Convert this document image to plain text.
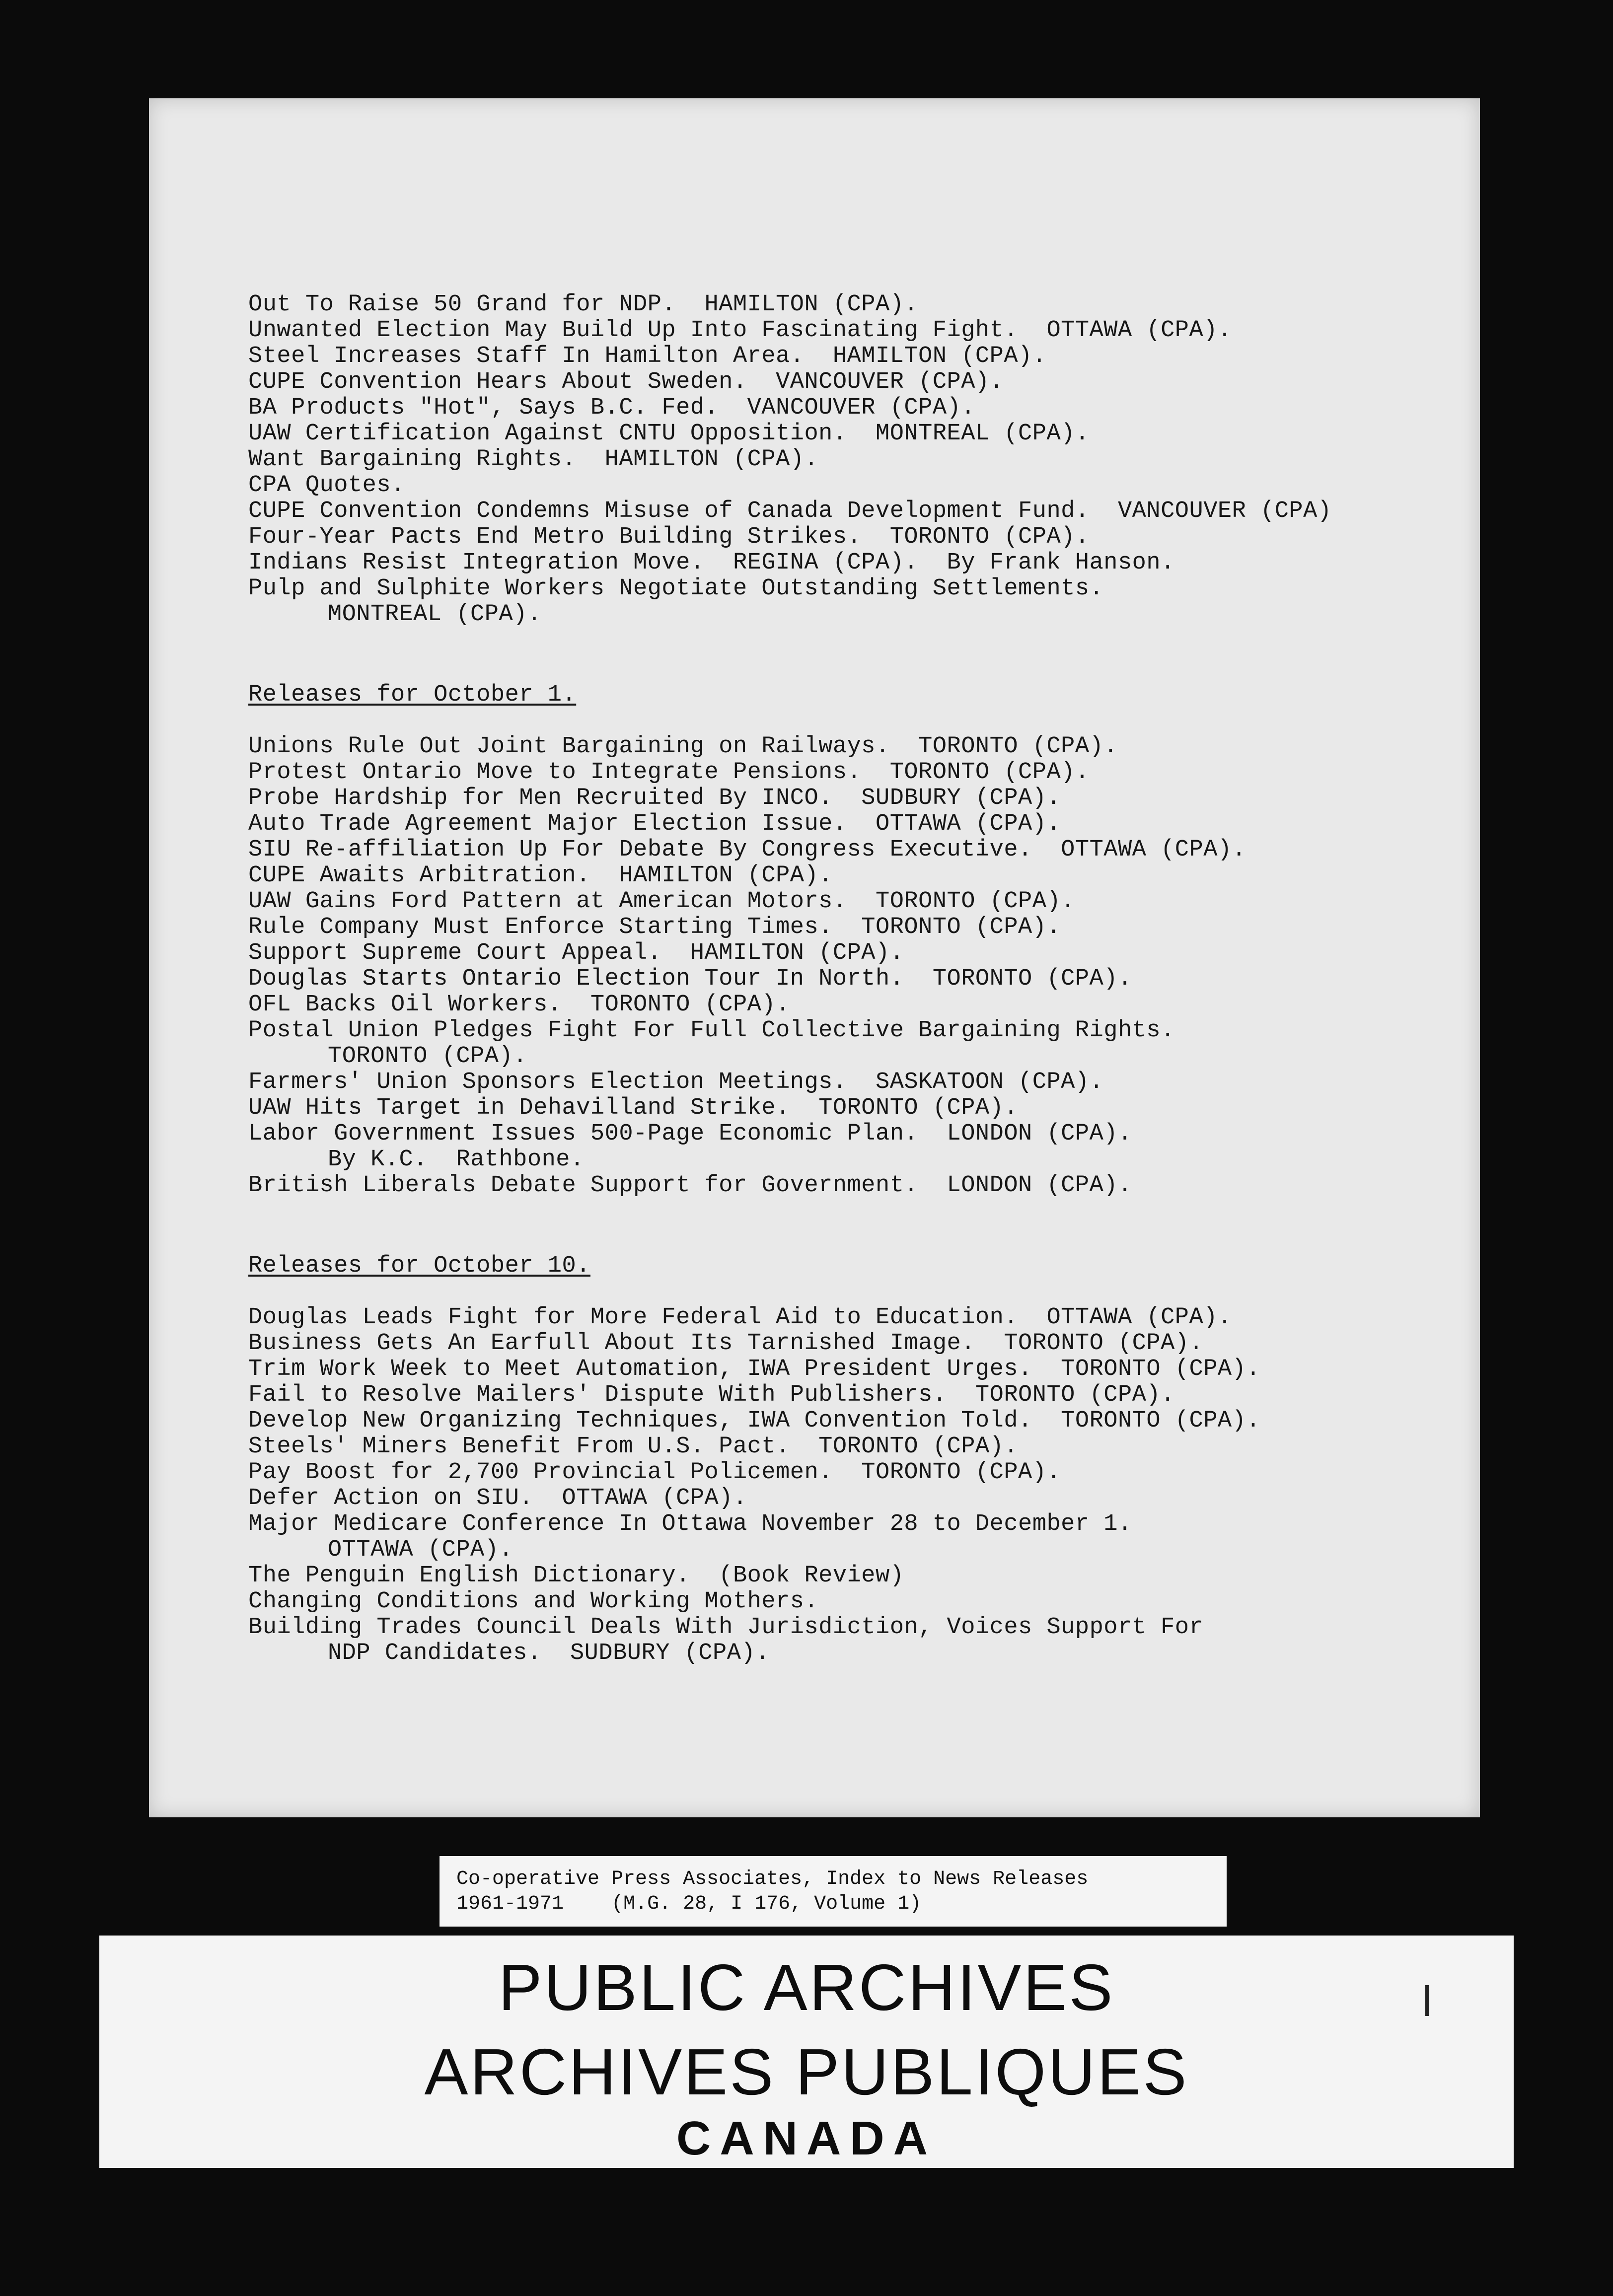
Out To Raise 50 Grand for NDP.  HAMILTON (CPA).
Unwanted Election May Build Up Into Fascinating Fight.  OTTAWA (CPA).
Steel Increases Staff In Hamilton Area.  HAMILTON (CPA).
CUPE Convention Hears About Sweden.  VANCOUVER (CPA).
BA Products "Hot", Says B.C. Fed.  VANCOUVER (CPA).
UAW Certification Against CNTU Opposition.  MONTREAL (CPA).
Want Bargaining Rights.  HAMILTON (CPA).
CPA Quotes.
CUPE Convention Condemns Misuse of Canada Development Fund.  VANCOUVER (CPA)
Four-Year Pacts End Metro Building Strikes.  TORONTO (CPA).
Indians Resist Integration Move.  REGINA (CPA).  By Frank Hanson.
Pulp and Sulphite Workers Negotiate Outstanding Settlements.
MONTREAL (CPA).
Releases for October 1.
Unions Rule Out Joint Bargaining on Railways.  TORONTO (CPA).
Protest Ontario Move to Integrate Pensions.  TORONTO (CPA).
Probe Hardship for Men Recruited By INCO.  SUDBURY (CPA).
Auto Trade Agreement Major Election Issue.  OTTAWA (CPA).
SIU Re-affiliation Up For Debate By Congress Executive.  OTTAWA (CPA).
CUPE Awaits Arbitration.  HAMILTON (CPA).
UAW Gains Ford Pattern at American Motors.  TORONTO (CPA).
Rule Company Must Enforce Starting Times.  TORONTO (CPA).
Support Supreme Court Appeal.  HAMILTON (CPA).
Douglas Starts Ontario Election Tour In North.  TORONTO (CPA).
OFL Backs Oil Workers.  TORONTO (CPA).
Postal Union Pledges Fight For Full Collective Bargaining Rights.
TORONTO (CPA).
Farmers' Union Sponsors Election Meetings.  SASKATOON (CPA).
UAW Hits Target in Dehavilland Strike.  TORONTO (CPA).
Labor Government Issues 500-Page Economic Plan.  LONDON (CPA).
By K.C.  Rathbone.
British Liberals Debate Support for Government.  LONDON (CPA).
Releases for October 10.
Douglas Leads Fight for More Federal Aid to Education.  OTTAWA (CPA).
Business Gets An Earfull About Its Tarnished Image.  TORONTO (CPA).
Trim Work Week to Meet Automation, IWA President Urges.  TORONTO (CPA).
Fail to Resolve Mailers' Dispute With Publishers.  TORONTO (CPA).
Develop New Organizing Techniques, IWA Convention Told.  TORONTO (CPA).
Steels' Miners Benefit From U.S. Pact.  TORONTO (CPA).
Pay Boost for 2,700 Provincial Policemen.  TORONTO (CPA).
Defer Action on SIU.  OTTAWA (CPA).
Major Medicare Conference In Ottawa November 28 to December 1.
OTTAWA (CPA).
The Penguin English Dictionary.  (Book Review)
Changing Conditions and Working Mothers.
Building Trades Council Deals With Jurisdiction, Voices Support For
NDP Candidates.  SUDBURY (CPA).
Co-operative Press Associates, Index to News Releases
1961-1971 (M.G. 28, I 176, Volume 1)
PUBLIC ARCHIVES
ARCHIVES PUBLIQUES
CANADA
